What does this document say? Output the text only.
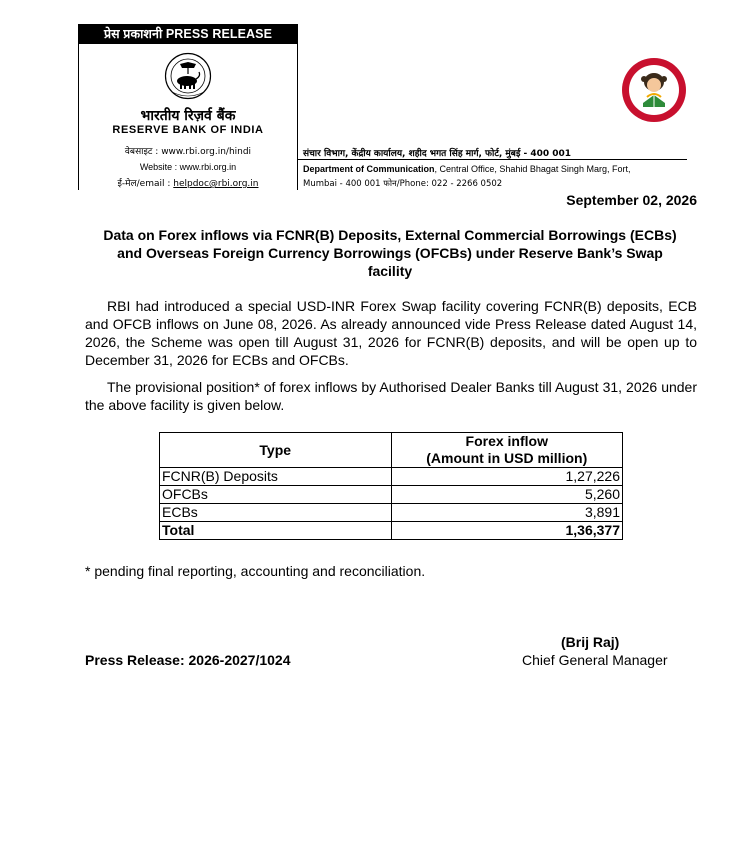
प्रेस प्रकाशनी PRESS RELEASE
भारतीय रिज़र्व बैंक
RESERVE BANK OF INDIA
वेबसाइट : www.rbi.org.in/hindi
Website : www.rbi.org.in
ई-मेल/email : helpdoc@rbi.org.in
संचार विभाग, केंद्रीय कार्यालय, शहीद भगत सिंह मार्ग, फोर्ट, मुंबई - 400 001
Department of Communication, Central Office, Shahid Bhagat Singh Marg, Fort,
Mumbai - 400 001 फोन/Phone: 022 - 2266 0502
September 02, 2026
Data on Forex inflows via FCNR(B) Deposits, External Commercial Borrowings (ECBs) and Overseas Foreign Currency Borrowings (OFCBs) under Reserve Bank’s Swap facility
RBI had introduced a special USD-INR Forex Swap facility covering FCNR(B) deposits, ECB and OFCB inflows on June 08, 2026. As already announced vide Press Release dated August 14, 2026, the Scheme was open till August 31, 2026 for FCNR(B) deposits, and will be open up to December 31, 2026 for ECBs and OFCBs.
The provisional position* of forex inflows by Authorised Dealer Banks till August 31, 2026 under the above facility is given below.
Type	Forex inflow
(Amount in USD million)
FCNR(B) Deposits	1,27,226
OFCBs	5,260
ECBs	3,891
Total	1,36,377
* pending final reporting, accounting and reconciliation.
(Brij Raj)
Press Release: 2026-2027/1024	Chief General Manager
